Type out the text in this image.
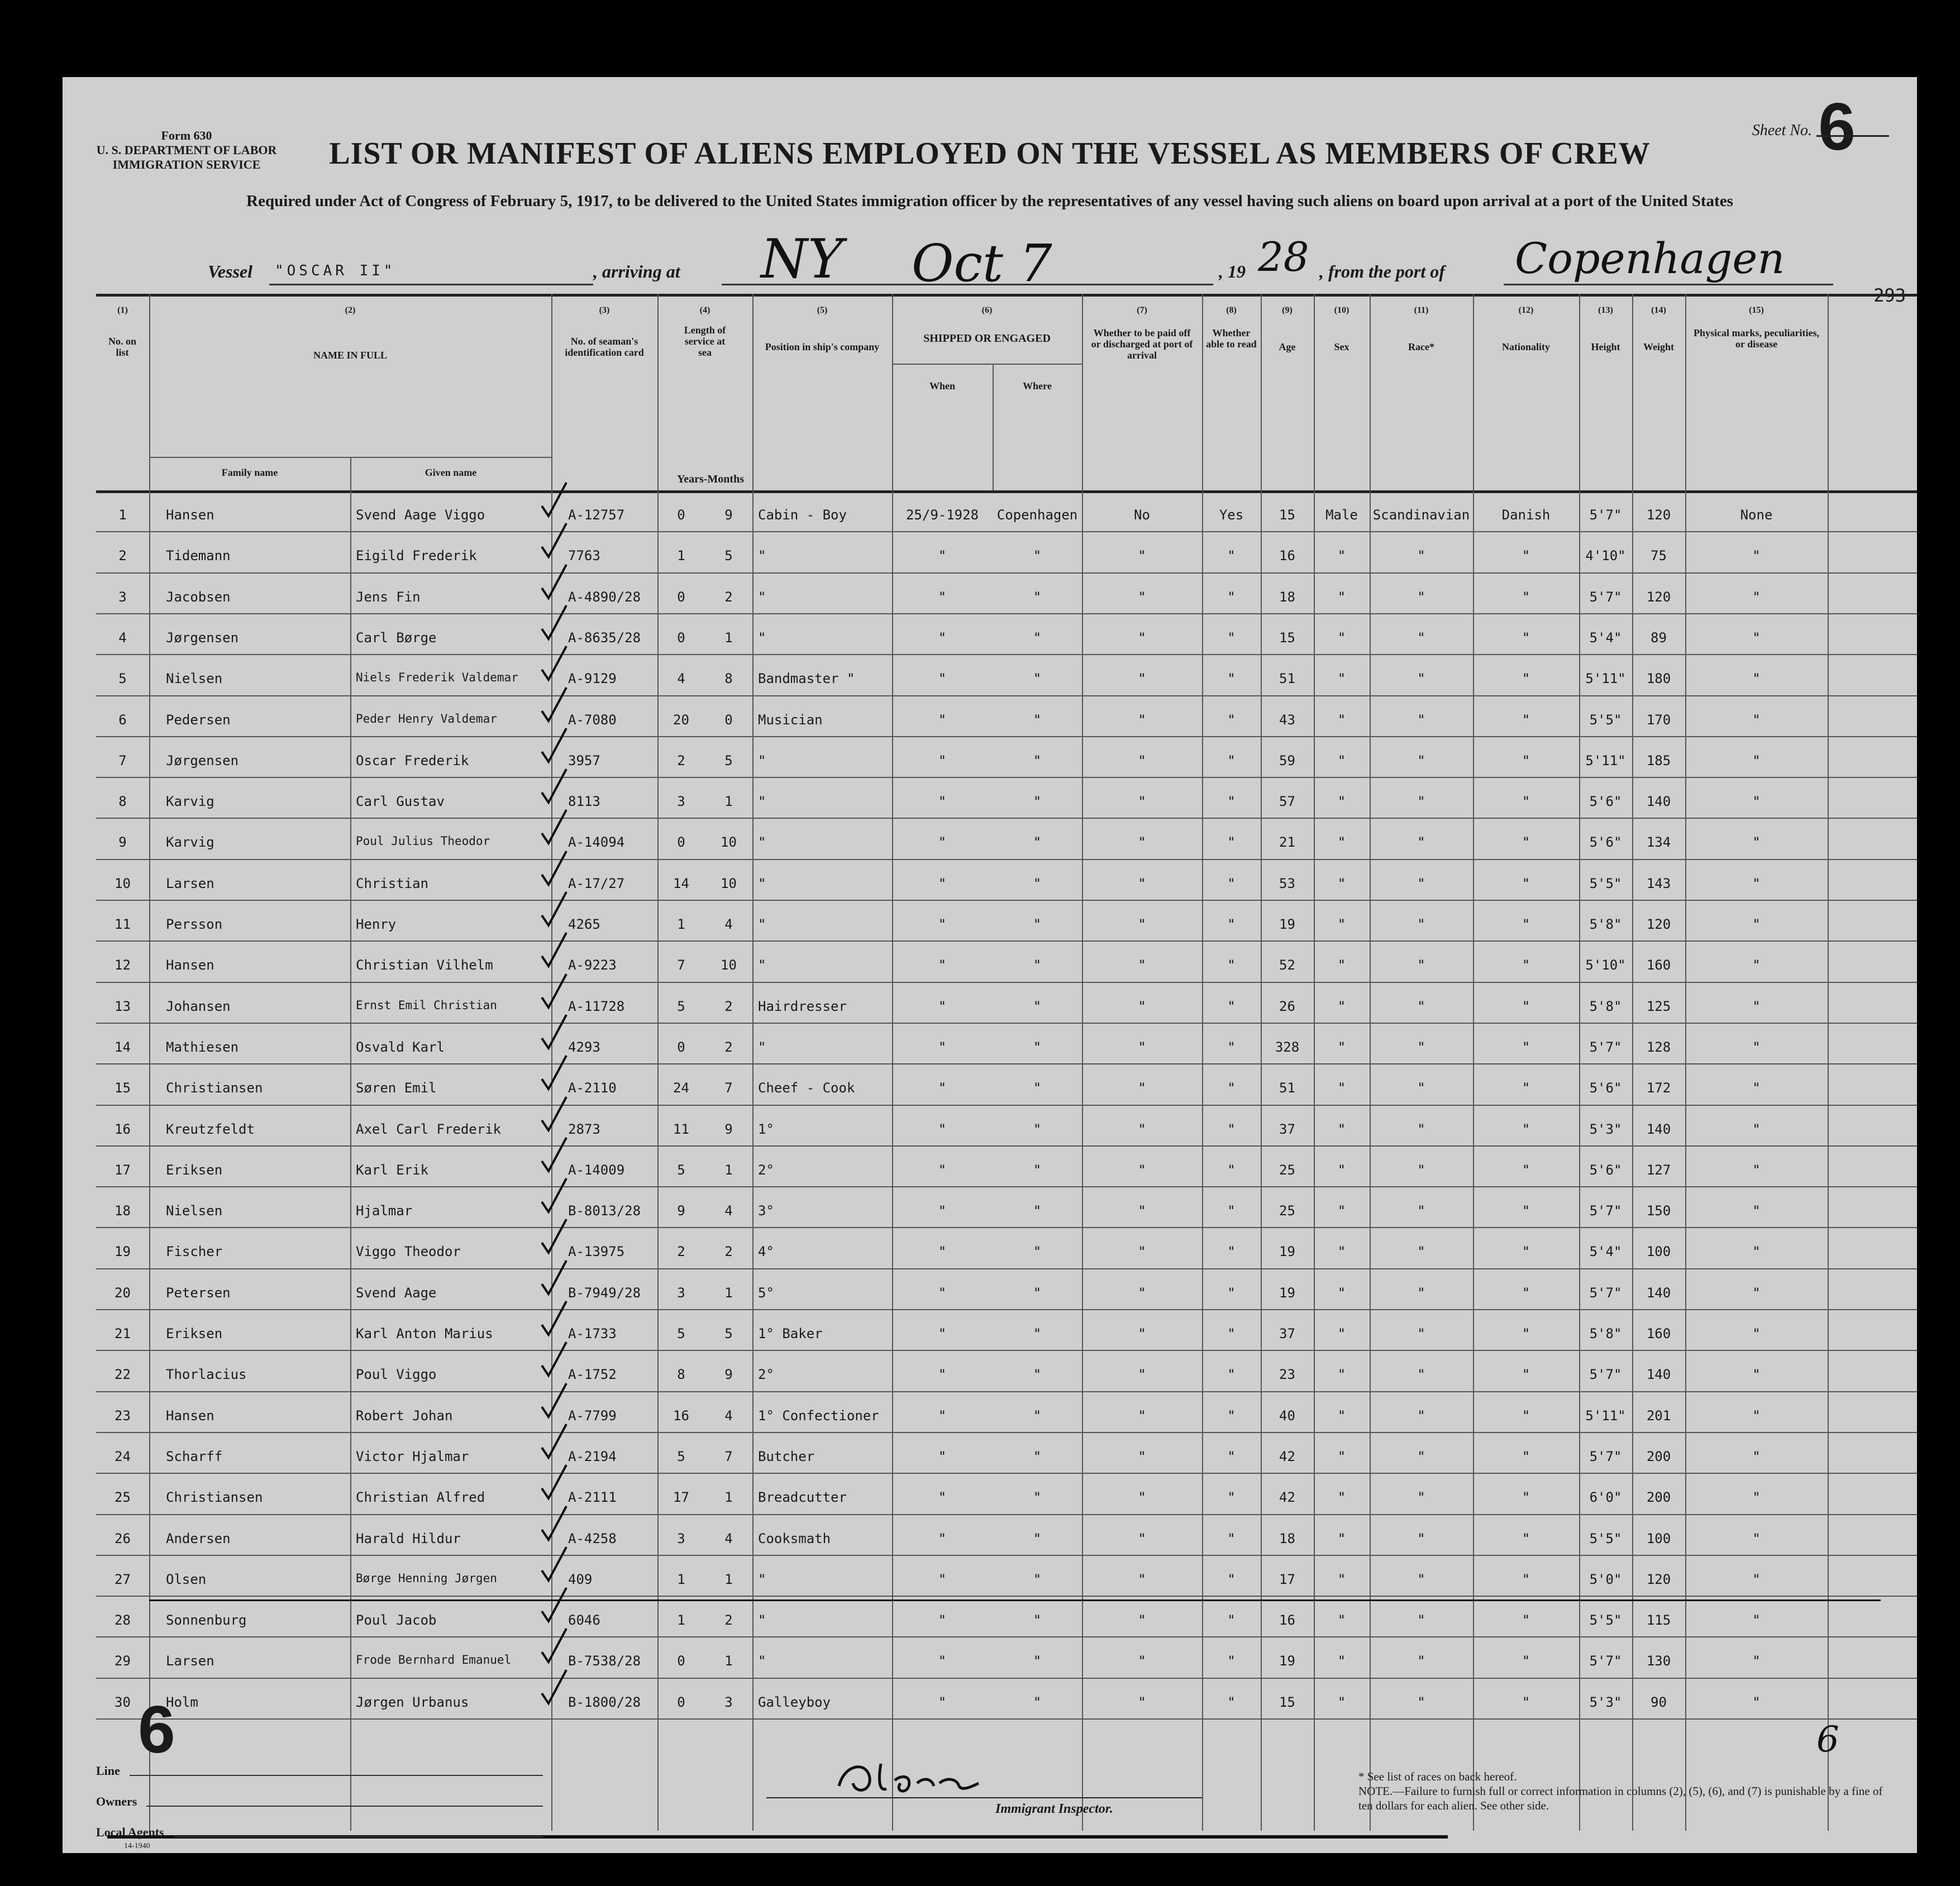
Form 630
U. S. DEPARTMENT OF LABOR
IMMIGRATION SERVICE
Sheet No. 6
LIST OR MANIFEST OF ALIENS EMPLOYED ON THE VESSEL AS MEMBERS OF CREW
Required under Act of Congress of February 5, 1917, to be delivered to the United States immigration officer by the representatives of any vessel having such aliens on board upon arrival at a port of the United States
Vessel "OSCAR II"	, arriving at NY Oct 7	, 19 28 , from the port of Copenhagen
293
(1)
No. on list
(2)
NAME IN FULL
Family name	Given name
(3)
No. of seaman's identification card
(4)
Length of service at sea
Years-Months
(5)
Position in ship's company
(6)
SHIPPED OR ENGAGED
When	Where
(7)
Whether to be paid off or discharged at port of arrival
(8)
Whether able to read
(9)
Age
(10)
Sex
(11)
Race*
(12)
Nationality
(13)
Height
(14)
Weight
(15)
Physical marks, peculiarities, or disease
1	Hansen	Svend Aage Viggo	A-12757	0	9	Cabin - Boy	25/9-1928	Copenhagen	No	Yes	15	Male	Scandinavian	Danish	5'7"	120	None
2	Tidemann	Eigild Frederik	7763	1	5	"	"	"	"	"	16	"	"	"	4'10"	75	"
3	Jacobsen	Jens Fin	A-4890/28	0	2	"	"	"	"	"	18	"	"	"	5'7"	120	"
4	Jørgensen	Carl Børge	A-8635/28	0	1	"	"	"	"	"	15	"	"	"	5'4"	89	"
5	Nielsen	Niels Frederik Valdemar	A-9129	4	8	Bandmaster "	"	"	"	"	51	"	"	"	5'11"	180	"
6	Pedersen	Peder Henry Valdemar	A-7080	20	0	Musician	"	"	"	"	43	"	"	"	5'5"	170	"
7	Jørgensen	Oscar Frederik	3957	2	5	"	"	"	"	"	59	"	"	"	5'11"	185	"
8	Karvig	Carl Gustav	8113	3	1	"	"	"	"	"	57	"	"	"	5'6"	140	"
9	Karvig	Poul Julius Theodor	A-14094	0	10	"	"	"	"	"	21	"	"	"	5'6"	134	"
10	Larsen	Christian	A-17/27	14	10	"	"	"	"	"	53	"	"	"	5'5"	143	"
11	Persson	Henry	4265	1	4	"	"	"	"	"	19	"	"	"	5'8"	120	"
12	Hansen	Christian Vilhelm	A-9223	7	10	"	"	"	"	"	52	"	"	"	5'10"	160	"
13	Johansen	Ernst Emil Christian	A-11728	5	2	Hairdresser	"	"	"	"	26	"	"	"	5'8"	125	"
14	Mathiesen	Osvald Karl	4293	0	2	"	"	"	"	"	328	"	"	"	5'7"	128	"
15	Christiansen	Søren Emil	A-2110	24	7	Cheef - Cook	"	"	"	"	51	"	"	"	5'6"	172	"
16	Kreutzfeldt	Axel Carl Frederik	2873	11	9	1°	"	"	"	"	37	"	"	"	5'3"	140	"
17	Eriksen	Karl Erik	A-14009	5	1	2°	"	"	"	"	25	"	"	"	5'6"	127	"
18	Nielsen	Hjalmar	B-8013/28	9	4	3°	"	"	"	"	25	"	"	"	5'7"	150	"
19	Fischer	Viggo Theodor	A-13975	2	2	4°	"	"	"	"	19	"	"	"	5'4"	100	"
20	Petersen	Svend Aage	B-7949/28	3	1	5°	"	"	"	"	19	"	"	"	5'7"	140	"
21	Eriksen	Karl Anton Marius	A-1733	5	5	1° Baker	"	"	"	"	37	"	"	"	5'8"	160	"
22	Thorlacius	Poul Viggo	A-1752	8	9	2°	"	"	"	"	23	"	"	"	5'7"	140	"
23	Hansen	Robert Johan	A-7799	16	4	1° Confectioner	"	"	"	"	40	"	"	"	5'11"	201	"
24	Scharff	Victor Hjalmar	A-2194	5	7	Butcher	"	"	"	"	42	"	"	"	5'7"	200	"
25	Christiansen	Christian Alfred	A-2111	17	1	Breadcutter	"	"	"	"	42	"	"	"	6'0"	200	"
26	Andersen	Harald Hildur	A-4258	3	4	Cooksmath	"	"	"	"	18	"	"	"	5'5"	100	"
27	Olsen	Børge Henning Jørgen	409	1	1	"	"	"	"	"	17	"	"	"	5'0"	120	"
28	Sonnenburg	Poul Jacob	6046	1	2	"	"	"	"	"	16	"	"	"	5'5"	115	"
29	Larsen	Frode Bernhard Emanuel	B-7538/28	0	1	"	"	"	"	"	19	"	"	"	5'7"	130	"
30	Holm	Jørgen Urbanus	B-1800/28	0	3	Galleyboy	"	"	"	"	15	"	"	"	5'3"	90	"
6
Line
Owners
Local Agents
14-1940
Immigrant Inspector.
6
* See list of races on back hereof.
NOTE.—Failure to furnish full or correct information in columns (2), (5), (6), and (7) is punishable by a fine of ten dollars for each alien. See other side.
